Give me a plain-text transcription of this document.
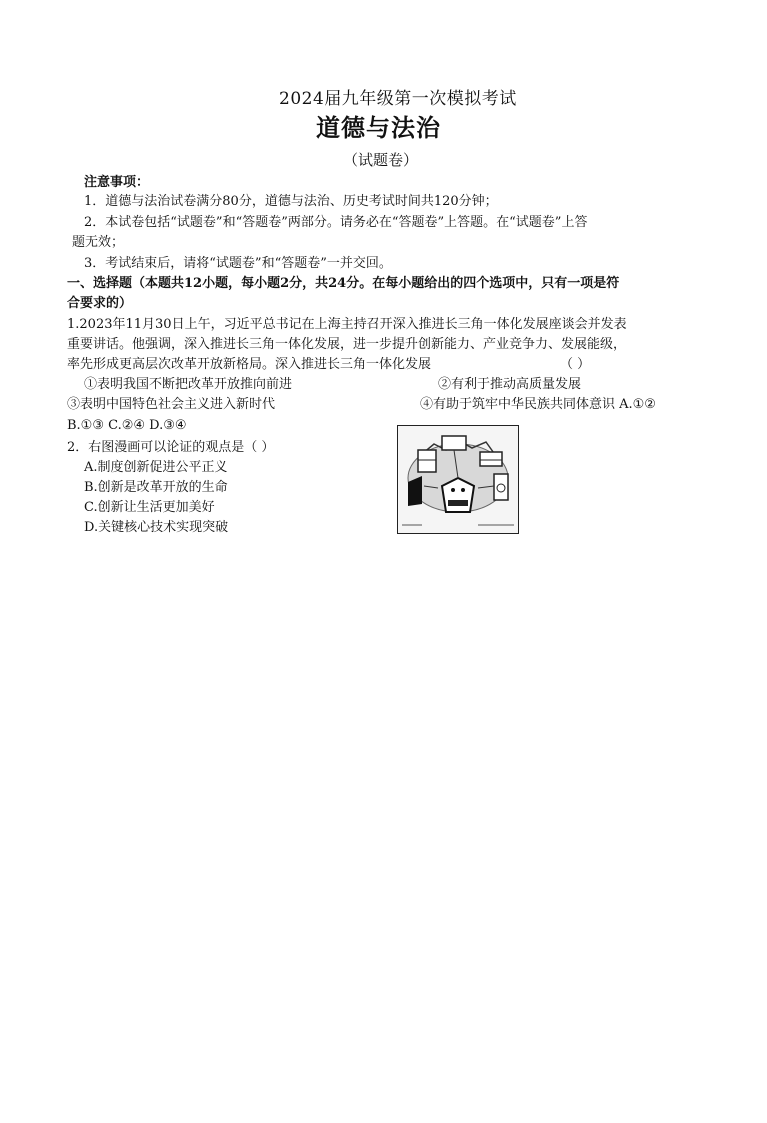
2024届九年级第一次模拟考试
道德与法治
（试题卷）
注意事项：
1．道德与法治试卷满分80分，道德与法治、历史考试时间共120分钟；
2．本试卷包括“试题卷”和“答题卷”两部分。请务必在“答题卷”上答题。在“试题卷”上答
题无效；
3．考试结束后，请将“试题卷”和“答题卷”一并交回。
一、选择题（本题共12小题，每小题2分，共24分。在每小题给出的四个选项中，只有一项是符
合要求的）
1.2023年11月30日上午，习近平总书记在上海主持召开深入推进长三角一体化发展座谈会并发表
重要讲话。他强调，深入推进长三角一体化发展，进一步提升创新能力、产业竞争力、发展能级，
率先形成更高层次改革开放新格局。深入推进长三角一体化发展	（ ）
①表明我国不断把改革开放推向前进	②有利于推动高质量发展
③表明中国特色社会主义进入新时代	④有助于筑牢中华民族共同体意识 A.①②
B.①③ C.②④ D.③④
2．右图漫画可以论证的观点是（ ）
A.制度创新促进公平正义
B.创新是改革开放的生命
C.创新让生活更加美好
D.关键核心技术实现突破
